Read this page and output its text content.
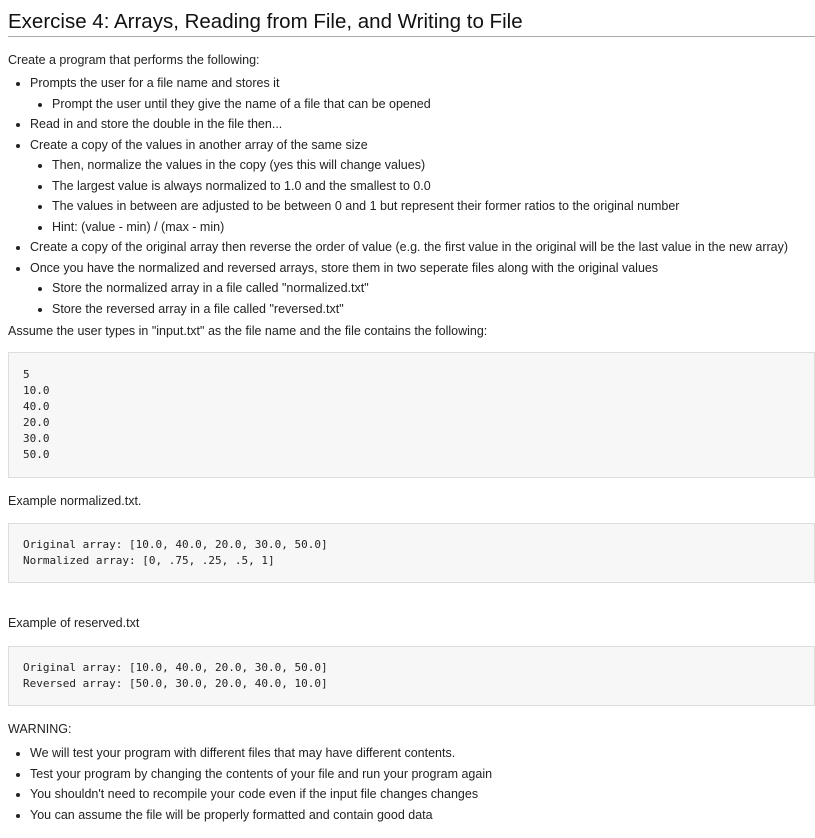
Exercise 4: Arrays, Reading from File, and Writing to File

Create a program that performs the following:

• Prompts the user for a file name and stores it
• Prompt the user until they give the name of a file that can be opened
• Read in and store the double in the file then...
• Create a copy of the values in another array of the same size
• Then, normalize the values in the copy (yes this will change values)
• The largest value is always normalized to 1.0 and the smallest to 0.0
• The values in between are adjusted to be between 0 and 1 but represent their former ratios to the original number
• Hint: (value - min) / (max - min)
• Create a copy of the original array then reverse the order of value (e.g. the first value in the original will be the last value in the new array)
• Once you have the normalized and reversed arrays, store them in two seperate files along with the original values
• Store the normalized array in a file called "normalized.txt"
• Store the reversed array in a file called "reversed.txt"

Assume the user types in "input.txt" as the file name and the file contains the following:

5
10.0
40.0
20.0
30.0
50.0

Example normalized.txt.

Original array: [10.0, 40.0, 20.0, 30.0, 50.0]
Normalized array: [0, .75, .25, .5, 1]

Example of reserved.txt

Original array: [10.0, 40.0, 20.0, 30.0, 50.0]
Reversed array: [50.0, 30.0, 20.0, 40.0, 10.0]

WARNING:

• We will test your program with different files that may have different contents.
• Test your program by changing the contents of your file and run your program again
• You shouldn't need to recompile your code even if the input file changes changes
• You can assume the file will be properly formatted and contain good data
